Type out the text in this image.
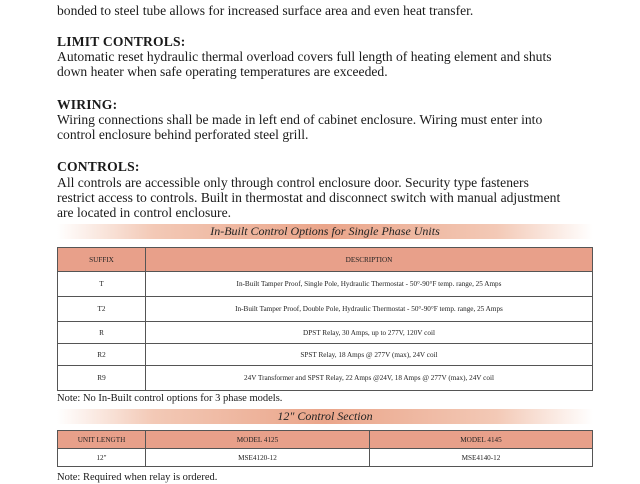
bonded to steel tube allows for increased surface area and even heat transfer.

LIMIT CONTROLS:

Automatic reset hydraulic thermal overload covers full length of heating element and shuts

down heater when safe operating temperatures are exceeded.

WIRING:

Wiring connections shall be made in left end of cabinet enclosure. Wiring must enter into

control enclosure behind perforated steel grill.

CONTROLS:

All controls are accessible only through control enclosure door. Security type fasteners

restrict access to controls. Built in thermostat and disconnect switch with manual adjustment

are located in control enclosure.

In-Built Control Options for Single Phase Units
SUFFIX	DESCRIPTION
T	In-Built Tamper Proof, Single Pole, Hydraulic Thermostat - 50°-90°F temp. range, 25 Amps
T2	In-Built Tamper Proof, Double Pole, Hydraulic Thermostat - 50°-90°F temp. range, 25 Amps
R	DPST Relay, 30 Amps, up to 277V, 120V coil
R2	SPST Relay, 18 Amps @ 277V (max), 24V coil
R9	24V Transformer and SPST Relay, 22 Amps @24V, 18 Amps @ 277V (max), 24V coil
Note: No In-Built control options for 3 phase models.
12" Control Section
UNIT LENGTH	MODEL 4125	MODEL 4145
12"	MSE4120-12	MSE4140-12
Note: Required when relay is ordered.
